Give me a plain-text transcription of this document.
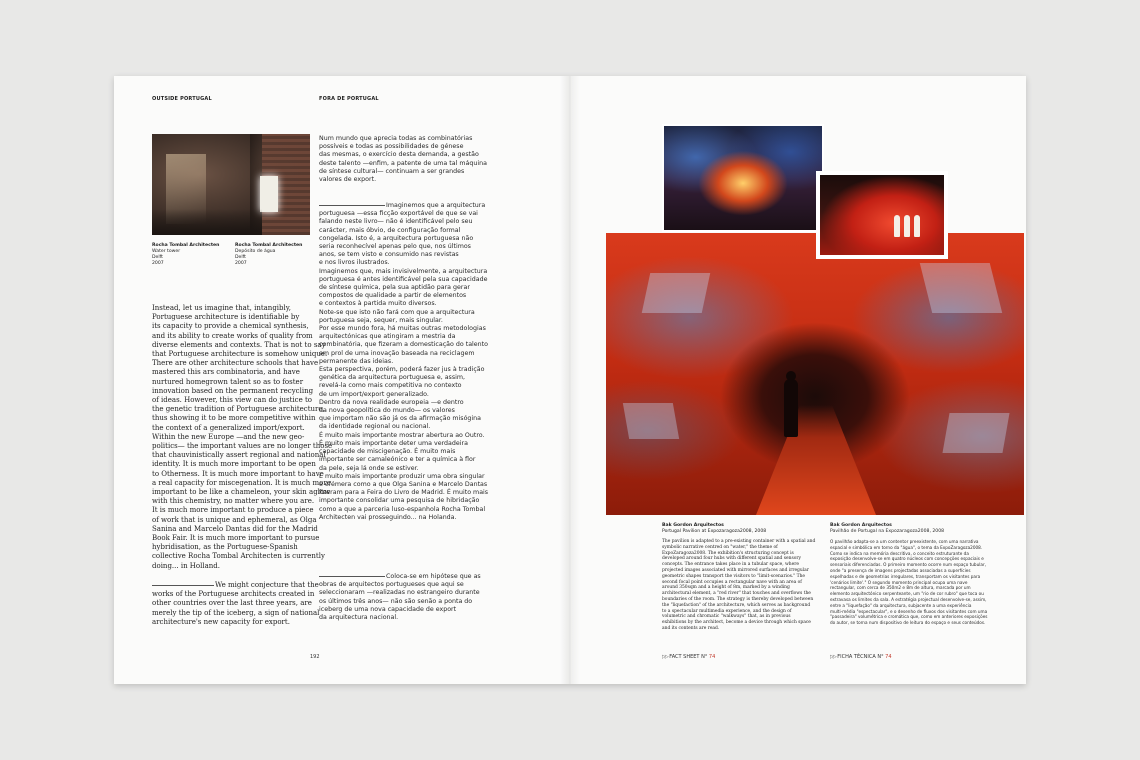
OUTSIDE PORTUGAL	FORA DE PORTUGAL
Rocha Tombal Architecten
Water tower
Delft
2007
Rocha Tombal Architecten
Depósito de água
Delft
2007
Instead, let us imagine that, intangibly,
Portuguese architecture is identifiable by
its capacity to provide a chemical synthesis,
and its ability to create works of quality from
diverse elements and contexts. That is not to say
that Portuguese architecture is somehow unique.
There are other architecture schools that have
mastered this ars combinatoria, and have
nurtured homegrown talent so as to foster
innovation based on the permanent recycling
of ideas. However, this view can do justice to
the genetic tradition of Portuguese architecture,
thus showing it to be more competitive within
the context of a generalized import/export.
Within the new Europe —and the new geo-
politics— the important values are no longer those
that chauvinistically assert regional and national
identity. It is much more important to be open
to Otherness. It is much more important to have
a real capacity for miscegenation. It is much more
important to be like a chameleon, your skin aglow
with this chemistry, no matter where you are.
It is much more important to produce a piece
of work that is unique and ephemeral, as Olga
Sanina and Marcelo Dantas did for the Madrid
Book Fair. It is much more important to pursue
hybridisation, as the Portuguese-Spanish
collective Rocha Tombal Architecten is currently
doing... in Holland.
We might conjecture that the
works of the Portuguese architects created in
other countries over the last three years, are
merely the tip of the iceberg, a sign of national
architecture's new capacity for export.
Num mundo que aprecia todas as combinatórias
possíveis e todas as possibilidades de génese
das mesmas, o exercício desta demanda, a gestão
deste talento —enfim, a patente de uma tal máquina
de síntese cultural— continuam a ser grandes
valores de export.
Imaginemos que a arquitectura
portuguesa —essa ficção exportável de que se vai
falando neste livro— não é identificável pelo seu
carácter, mais óbvio, de configuração formal
congelada. Isto é, a arquitectura portuguesa não
seria reconhecível apenas pelo que, nos últimos
anos, se tem visto e consumido nas revistas
e nos livros ilustrados.
Imaginemos que, mais invisivelmente, a arquitectura
portuguesa é antes identificável pela sua capacidade
de síntese química, pela sua aptidão para gerar
compostos de qualidade a partir de elementos
e contextos à partida muito diversos.
Note-se que isto não fará com que a arquitectura
portuguesa seja, sequer, mais singular.
Por esse mundo fora, há muitas outras metodologias
arquitectónicas que atingiram a mestria da
combinatória, que fizeram a domesticação do talento
em prol de uma inovação baseada na reciclagem
permanente das ideias.
Esta perspectiva, porém, poderá fazer jus à tradição
genética da arquitectura portuguesa e, assim,
revelá-la como mais competitiva no contexto
de um import/export generalizado.
Dentro da nova realidade europeia —e dentro
da nova geopolítica do mundo— os valores
que importam não são já os da afirmação misógina
da identidade regional ou nacional.
É muito mais importante mostrar abertura ao Outro.
É muito mais importante deter uma verdadeira
capacidade de miscigenação. É muito mais
importante ser camaleónico e ter a química à flor
da pele, seja lá onde se estiver.
É muito mais importante produzir uma obra singular
e efémera como a que Olga Sanina e Marcelo Dantas
fizeram para a Feira do Livro de Madrid. É muito mais
importante consolidar uma pesquisa de hibridação
como a que a parceria luso-espanhola Rocha Tombal
Architecten vai prosseguindo... na Holanda.
Coloca-se em hipótese que as
obras de arquitectos portugueses que aqui se
seleccionaram —realizadas no estrangeiro durante
os últimos três anos— não são senão a ponta do
iceberg de uma nova capacidade de export
da arquitectura nacional.
192
Bak Gordon Arquitectos
Portugal Pavilion at Expozaragoza2008, 2008
The pavilion is adapted to a pre-existing container with a spatial and
symbolic narrative centred on "water," the theme of
ExpoZaragoza2008. The exhibition's structuring concept is
developed around four hubs with different spatial and sensory
concepts. The entrance takes place in a tubular space, where
projected images associated with mirrored surfaces and irregular
geometric shapes transport the visitors to "limit-scenarios." The
second focal point occupies a rectangular nave with an area of
around 350sqm and a height of 8m, marked by a winding
architectural element, a "red river" that touches and overflows the
boundaries of the room. The strategy is thereby developed between
the "liquefaction" of the architecture, which serves as background
to a spectacular multimedia experience, and the design of
volumetric and chromatic "walkways" that, as in previous
exhibitions by the architect, become a device through which space
and its contents are read.
Bak Gordon Arquitectos
Pavilhão de Portugal na Expozaragoza2008, 2008
O pavilhão adapta-se a um contentor preexistente, com uma narrativa
espacial e simbólica em torno da "água", o tema da ExpoZaragoza2008.
Como se indica na memória descritiva, o conceito estruturante da
exposição desenvolve-se em quatro núcleos com concepções espaciais e
sensoriais diferenciadas. O primeiro momento ocorre num espaço tubular,
onde "a presença de imagens projectadas associadas a superfícies
espelhadas e de geometrias irregulares, transportam os visitantes para
'cenários limite'." O segundo momento principal ocupa uma nave
rectangular, com cerca de 350m2 e 8m de altura, marcada por um
elemento arquitectónico serpenteante, um "rio de cor rubro" que toca ou
extravasa os limites da sala. A estratégia projectual desenvolve-se, assim,
entre a "liquefação" da arquitectura, subjacente a uma experiência
multi-média "espectacular", e o desenho de fluxos dos visitantes com uma
"passadeira" volumétrica e cromática que, como em anteriores exposições
do autor, se torna num dispositivo de leitura do espaço e seus conteúdos.
▷▷ FACT SHEET N° 74	▷▷ FICHA TÉCNICA N° 74
